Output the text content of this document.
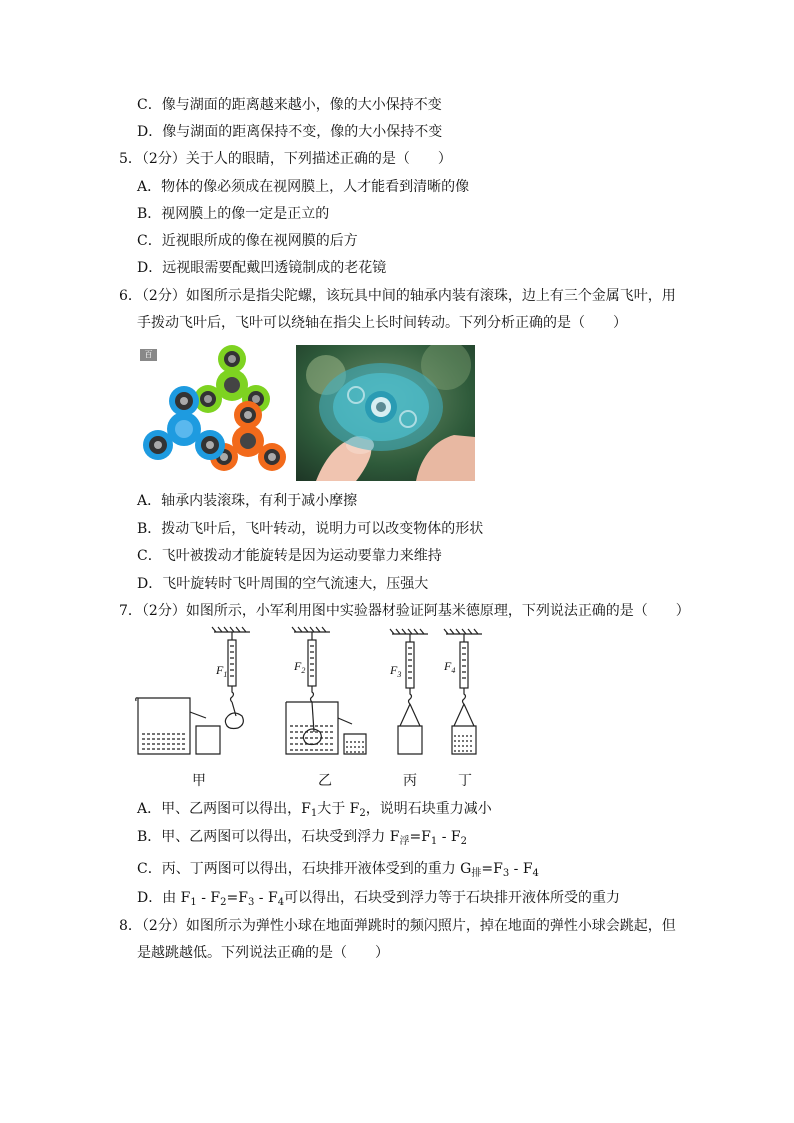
C．像与湖面的距离越来越小，像的大小保持不变
D．像与湖面的距离保持不变，像的大小保持不变
5．（2分）关于人的眼睛，下列描述正确的是（　　）
A．物体的像必须成在视网膜上，人才能看到清晰的像
B．视网膜上的像一定是正立的
C．近视眼所成的像在视网膜的后方
D．远视眼需要配戴凹透镜制成的老花镜
6．（2分）如图所示是指尖陀螺，该玩具中间的轴承内装有滚珠，边上有三个金属飞叶，用
手拨动飞叶后，飞叶可以绕轴在指尖上长时间转动。下列分析正确的是（　　）
百
A．轴承内装滚珠，有利于减小摩擦
B．拨动飞叶后，飞叶转动，说明力可以改变物体的形状
C．飞叶被拨动才能旋转是因为运动要靠力来维持
D．飞叶旋转时飞叶周围的空气流速大，压强大
7．（2分）如图所示，小军利用图中实验器材验证阿基米德原理，下列说法正确的是（　　）
$F_1$
$F_2$	$F_3$
$F_4$
甲	乙	丙	丁
A．甲、乙两图可以得出，$F_1$大于 $F_2$，说明石块重力减小
B．甲、乙两图可以得出，石块受到浮力 $F_浮=F_1 - F_2$
C．丙、丁两图可以得出，石块排开液体受到的重力 $G_排=F_3 - F_4$
D．由 $F_1 - F_2=F_3 - F_4$可以得出，石块受到浮力等于石块排开液体所受的重力
8．（2分）如图所示为弹性小球在地面弹跳时的频闪照片，掉在地面的弹性小球会跳起，但
是越跳越低。下列说法正确的是（　　）
